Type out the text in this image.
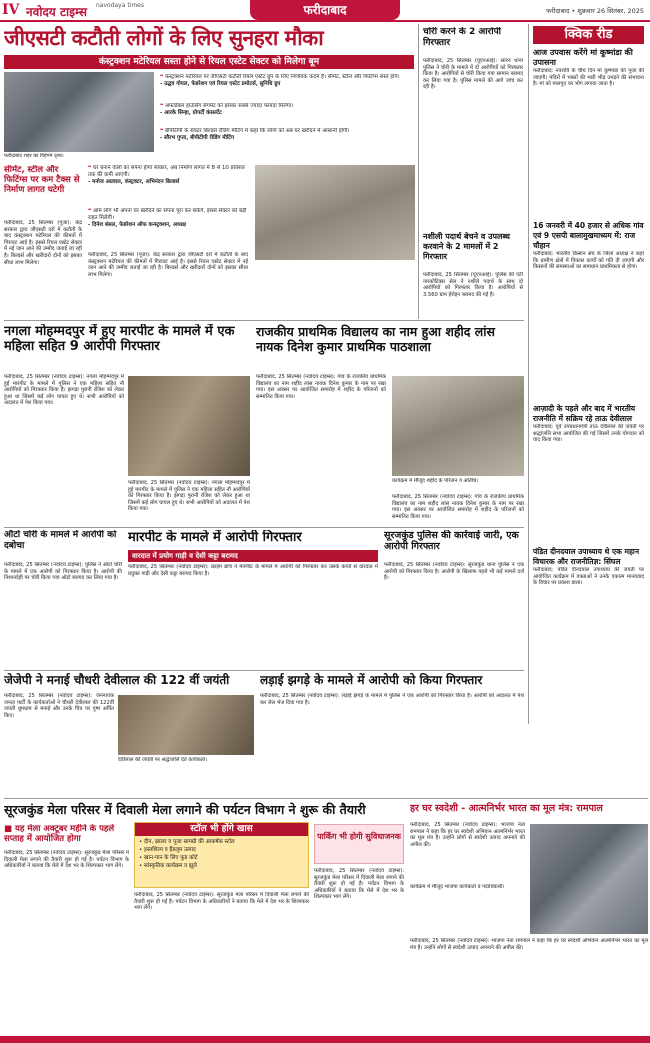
IV नवोदय टाइम्स navodaya times	फरीदाबाद	फरीदाबाद • शुक्रवार 26 सितंबर, 2025
जीएसटी कटौती लोगों के लिए सुनहरा मौका
कंस्ट्रक्शन मटेरियल सस्ता होने से रियल एस्टेट सेक्टर को मिलेगा बूम
फरीदाबाद शहर का विहंगम दृश्य।
❝ कंस्ट्रक्शन मटेरियल पर जीएसटी कटौती रियल एस्टेट ग्रुप के लिए निर्णायक कदम है। सीमेंट, स्टील और फिटिंग्स सस्ते होंगे।
- उद्धव गोयल, फेडरेशन एवं रियल एस्टेट प्रमोटर्स, सुनिधि ग्रुप
❝ अफोर्डेबल हाउसिंग सेगमेंट को इसका सबसे ज्यादा फायदा मिलेगा।
- आरके सिन्हा, प्रोपर्टी कंसल्टेंट
❝ बीपीटीपी के सेक्टर बिल्डर्स रीडिंग मीटिंग में कहा कि लोगों को अब घर खरीदने में आसानी होगी।
- सौरभ गुप्ता, बीपीटीपी रीडिंग मीटिंग
सीमेंट, स्टील और फिटिंग्स पर कम टैक्स से निर्माण लागत घटेगी
फरीदाबाद, 25 सितम्बर (पूजा): केंद्र सरकार द्वारा जीएसटी दरों में कटौती के बाद कंस्ट्रक्शन मटेरियल की कीमतों में गिरावट आई है। इससे रियल एस्टेट सेक्टर में नई जान आने की उम्मीद जताई जा रही है। बिल्डर्स और खरीदारों दोनों को इसका सीधा लाभ मिलेगा।
❝ घर बनाने वालों का सपना होगा साकार, अब निर्माण लागत में 8 से 10 प्रतिशत तक की कमी आएगी।
- मनोज अग्रवाल, कंस्ट्रक्टर, अभिनंदन बिल्डर्स
❝ आम लोग भी अपना घर खरीदने का सपना पूरा कर सकेंगे, इससे सेक्टर को बड़ी राहत मिलेगी।
- दिनेश बंसल, फेडरेशन ऑफ कन्स्ट्रक्शन, अध्यक्ष
फरीदाबाद, 25 सितम्बर (पूजा): केंद्र सरकार द्वारा जीएसटी दरों में कटौती के बाद कंस्ट्रक्शन मटेरियल की कीमतों में गिरावट आई है। इससे रियल एस्टेट सेक्टर में नई जान आने की उम्मीद जताई जा रही है। बिल्डर्स और खरीदारों दोनों को इसका सीधा लाभ मिलेगा।
चोरी करने के 2 आरोपी गिरफ्तार
फरीदाबाद, 25 सितम्बर (यूएनआई): सारन थाना पुलिस ने चोरी के मामले में दो आरोपियों को गिरफ्तार किया है। आरोपियों से चोरी किया गया सामान बरामद कर लिया गया है। पुलिस मामले की आगे जांच कर रही है।
नशीली पदार्थ बेचने व उपलब्ध करवाने के 2 मामलों में 2 गिरफ्तार
फरीदाबाद, 25 सितम्बर (यूएनआई): पुलिस की एंटी नारकोटिक्स सेल ने नशीले पदार्थ के साथ दो आरोपियों को गिरफ्तार किया है। आरोपियों से 3.560 ग्राम हेरोइन बरामद की गई है।
क्विक रीड
आज उपवास करेंगे मां कूष्मांडा की उपासना
फरीदाबाद: नवरात्रि के चौथे दिन मां कूष्मांडा की पूजा की जाएगी। मंदिरों में भक्तों की भारी भीड़ उमड़ने की संभावना है। मां को मालपुए का भोग लगाया जाता है।
16 जनवरी में 40 हजार से अधिक गांव एवं 9 एसपी बालामुखमाध्यम में: राज चौहान
फरीदाबाद: भारतीय किसान संघ के जिला अध्यक्ष ने कहा कि ग्रामीण क्षेत्रों में विकास कार्यों को गति दी जाएगी और किसानों की समस्याओं का समाधान प्राथमिकता से होगा।
आज़ादी के पहले और बाद में भारतीय राजनीति में सक्रिय रहे ताऊ देवीलाल
फरीदाबाद: पूर्व उपप्रधानमंत्री ताऊ देवीलाल की जयंती पर श्रद्धांजलि सभा आयोजित की गई जिसमें उनके योगदान को याद किया गया।
पंडित दीनदयाल उपाध्याय थे एक महान विचारक और राजनीतिज्ञ: सिंघल
फरीदाबाद: पंडित दीनदयाल उपाध्याय की जयंती पर आयोजित कार्यक्रम में वक्ताओं ने उनके एकात्म मानववाद के विचार पर प्रकाश डाला।
नगला मोहम्मदपुर में हुए मारपीट के मामले में एक महिला सहित 9 आरोपी गिरफ्तार
फरीदाबाद, 25 सितम्बर (नवोदय टाइम्स): नगला मोहम्मदपुर में हुई मारपीट के मामले में पुलिस ने एक महिला सहित नौ आरोपियों को गिरफ्तार किया है। झगड़ा पुरानी रंजिश को लेकर हुआ था जिसमें कई लोग घायल हुए थे। सभी आरोपियों को अदालत में पेश किया गया।
फरीदाबाद, 25 सितम्बर (नवोदय टाइम्स): नगला मोहम्मदपुर में हुई मारपीट के मामले में पुलिस ने एक महिला सहित नौ आरोपियों को गिरफ्तार किया है। झगड़ा पुरानी रंजिश को लेकर हुआ था जिसमें कई लोग घायल हुए थे। सभी आरोपियों को अदालत में पेश किया गया।
राजकीय प्राथमिक विद्यालय का नाम हुआ शहीद लांस नायक दिनेश कुमार प्राथमिक पाठशाला
फरीदाबाद, 25 सितम्बर (नवोदय टाइम्स): गांव के राजकीय प्राथमिक विद्यालय का नाम शहीद लांस नायक दिनेश कुमार के नाम पर रखा गया। इस अवसर पर आयोजित समारोह में शहीद के परिजनों को सम्मानित किया गया।
कार्यक्रम में मौजूद शहीद के परिजन व अतिथि।
फरीदाबाद, 25 सितम्बर (नवोदय टाइम्स): गांव के राजकीय प्राथमिक विद्यालय का नाम शहीद लांस नायक दिनेश कुमार के नाम पर रखा गया। इस अवसर पर आयोजित समारोह में शहीद के परिजनों को सम्मानित किया गया।
ऑटो चोरी के मामले में आरोपी को दबोचा
फरीदाबाद, 25 सितम्बर (नवोदय टाइम्स): पुलिस ने ऑटो चोरी के मामले में एक आरोपी को गिरफ्तार किया है। आरोपी की निशानदेही पर चोरी किया गया ऑटो बरामद कर लिया गया है।
मारपीट के मामले में आरोपी गिरफ्तार
वारदात में प्रयोग गाड़ी व देसी कट्टा बरामद
फरीदाबाद, 25 सितम्बर (नवोदय टाइम्स): क्राइम ब्रांच ने मारपीट के मामले में आरोपी को गिरफ्तार कर उसके कब्जे से वारदात में प्रयुक्त गाड़ी और देसी कट्टा बरामद किया है।
सूरजकुंड पुलिस की कार्रवाई जारी, एक आरोपी गिरफ्तार
फरीदाबाद, 25 सितम्बर (नवोदय टाइम्स): सूरजकुंड थाना पुलिस ने एक आरोपी को गिरफ्तार किया है। आरोपी के खिलाफ पहले भी कई मामले दर्ज हैं।
जेजेपी ने मनाई चौधरी देवीलाल की 122 वीं जयंती
फरीदाबाद, 25 सितम्बर (नवोदय टाइम्स): जननायक जनता पार्टी के कार्यकर्ताओं ने चौधरी देवीलाल की 122वीं जयंती धूमधाम से मनाई और उनके चित्र पर पुष्प अर्पित किए।
देवीलाल की जयंती पर श्रद्धांजलि देते कार्यकर्ता।
लड़ाई झगड़े के मामले में आरोपी को किया गिरफ्तार
फरीदाबाद, 25 सितम्बर (नवोदय टाइम्स): लड़ाई झगड़े के मामले में पुलिस ने एक आरोपी को गिरफ्तार किया है। आरोपी को अदालत में पेश कर जेल भेज दिया गया है।
सूरजकुंड मेला परिसर में दिवाली मेला लगाने की पर्यटन विभाग ने शुरू की तैयारी
■ यह मेला अक्टूबर महीने के पहले सप्ताह में आयोजित होगा
फरीदाबाद, 25 सितम्बर (नवोदय टाइम्स): सूरजकुंड मेला परिसर में दिवाली मेला लगाने की तैयारी शुरू हो गई है। पर्यटन विभाग के अधिकारियों ने बताया कि मेले में देश भर के शिल्पकार भाग लेंगे।
स्टॉल भी होंगे खास
• दीप, झालर व पूजा सामग्री की आकर्षक स्टॉल
• हस्तशिल्प व हैंडलूम उत्पाद
• खान-पान के लिए फूड कोर्ट
• सांस्कृतिक कार्यक्रम व झूले
फरीदाबाद, 25 सितम्बर (नवोदय टाइम्स): सूरजकुंड मेला परिसर में दिवाली मेला लगाने की तैयारी शुरू हो गई है। पर्यटन विभाग के अधिकारियों ने बताया कि मेले में देश भर के शिल्पकार भाग लेंगे।
पार्किंग भी होगी सुविधाजनक
फरीदाबाद, 25 सितम्बर (नवोदय टाइम्स): सूरजकुंड मेला परिसर में दिवाली मेला लगाने की तैयारी शुरू हो गई है। पर्यटन विभाग के अधिकारियों ने बताया कि मेले में देश भर के शिल्पकार भाग लेंगे।
हर घर स्वदेशी - आत्मनिर्भर भारत का मूल मंत्र: रामपाल
फरीदाबाद, 25 सितम्बर (नवोदय टाइम्स): भाजपा नेता रामपाल ने कहा कि हर घर स्वदेशी अभियान आत्मनिर्भर भारत का मूल मंत्र है। उन्होंने लोगों से स्वदेशी उत्पाद अपनाने की अपील की।
कार्यक्रम में मौजूद भाजपा कार्यकर्ता व पदाधिकारी।
फरीदाबाद, 25 सितम्बर (नवोदय टाइम्स): भाजपा नेता रामपाल ने कहा कि हर घर स्वदेशी अभियान आत्मनिर्भर भारत का मूल मंत्र है। उन्होंने लोगों से स्वदेशी उत्पाद अपनाने की अपील की।
